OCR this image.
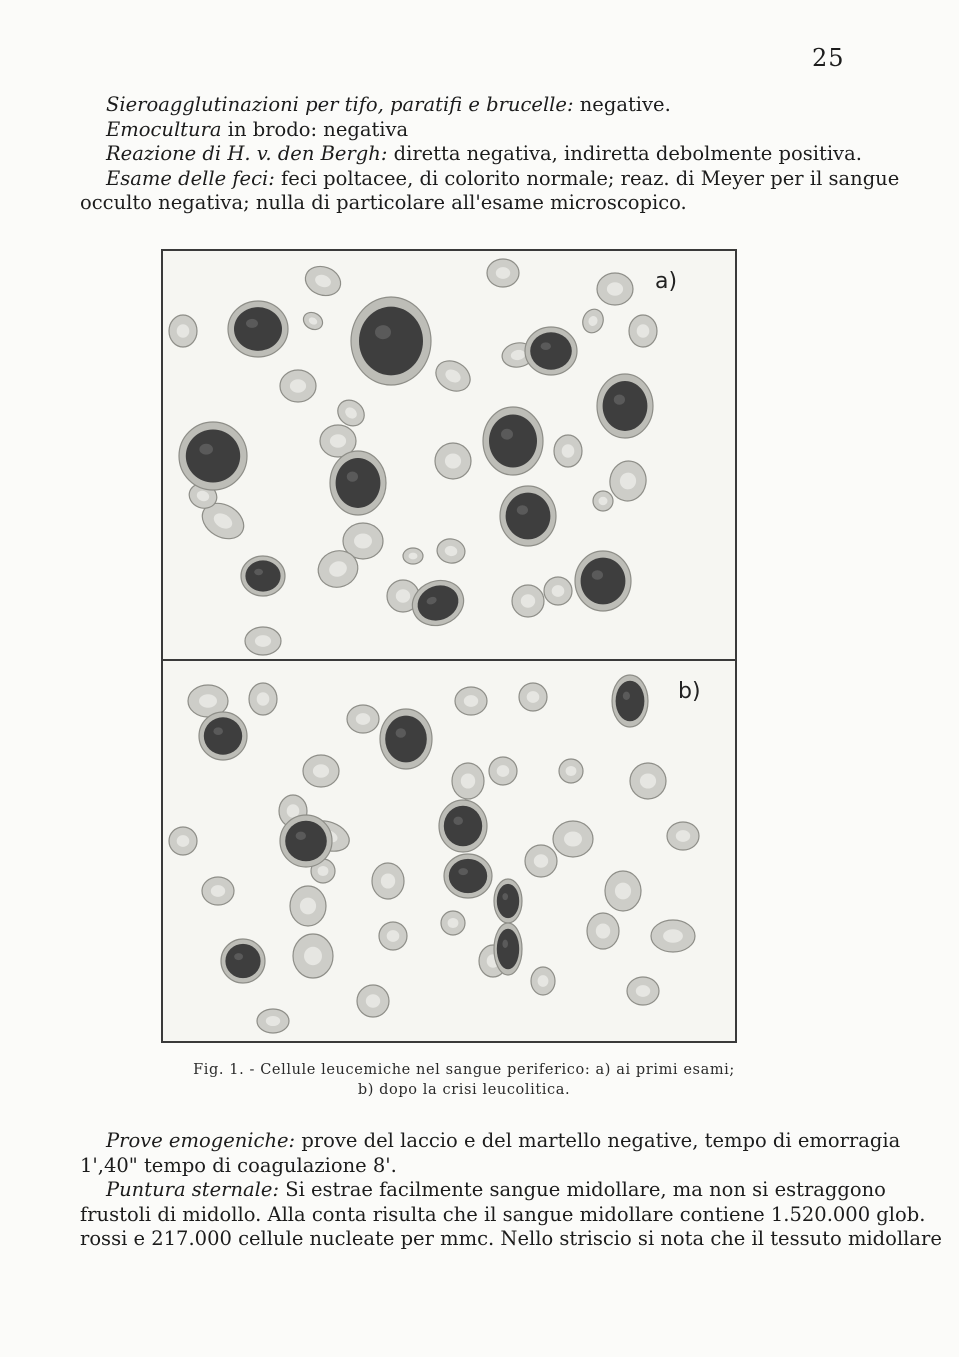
25
Sieroagglutinazioni per tifo, paratifi e brucelle: negative.
Emocultura in brodo: negativa
Reazione di H. v. den Bergh: diretta negativa, indiretta debolmente positiva.
Esame delle feci: feci poltacee, di colorito normale; reaz. di Meyer per il sangue
occulto negativa; nulla di particolare all'esame microscopico.
a)
b)
Fig. 1. - Cellule leucemiche nel sangue periferico: a) ai primi esami;
b) dopo la crisi leucolitica.
Prove emogeniche: prove del laccio e del martello negative, tempo di emorragia
1',40" tempo di coagulazione 8'.
Puntura sternale: Si estrae facilmente sangue midollare, ma non si estraggono
frustoli di midollo. Alla conta risulta che il sangue midollare contiene 1.520.000 glob.
rossi e 217.000 cellule nucleate per mmc. Nello striscio si nota che il tessuto midollare
